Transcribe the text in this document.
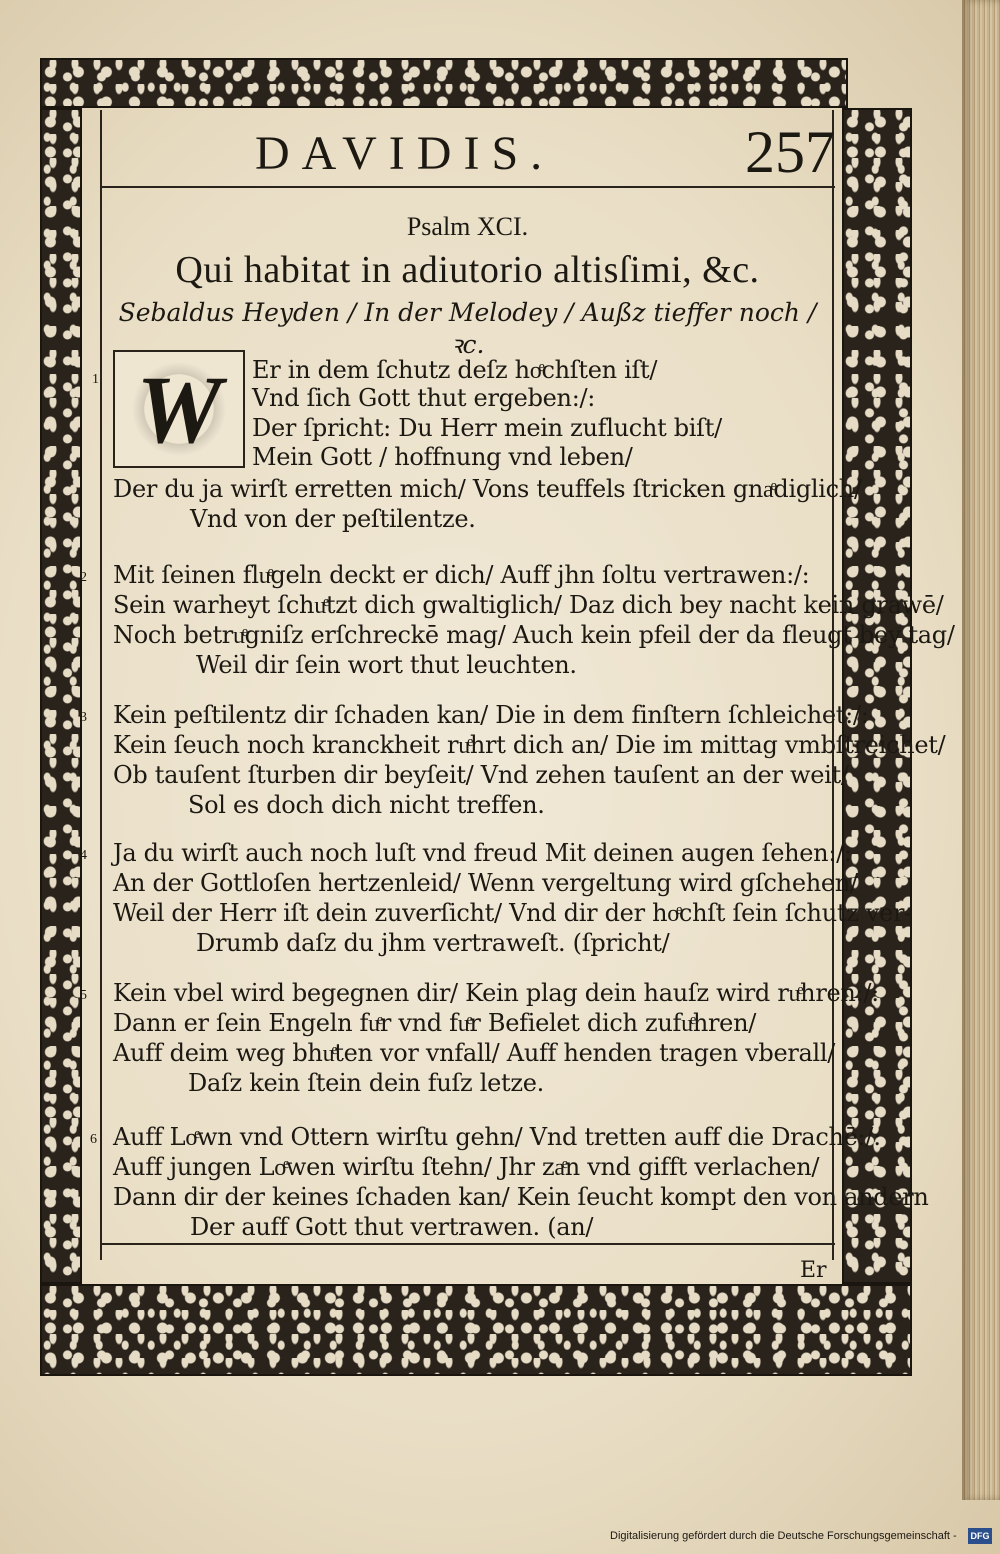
DAVIDIS.	257
Psalm XCI.
Qui habitat in adiutorio altisſimi, &c.
Sebaldus Heyden / In der Melodey / Außz tieffer noch / ꝛc.
W
1	Er in dem ſchutz deſz hoͤchſten iſt/
Vnd ſich Gott thut ergeben:/:
Der ſpricht: Du Herr mein zuflucht biſt/
Mein Gott / hoffnung vnd leben/
Der du ja wirſt erretten mich/ Vons teuffels ſtricken gnaͤdiglich/
Vnd von der peſtilentze.
2 Mit ſeinen fluͤgeln deckt er dich/ Auff jhn ſoltu vertrawen:/:
Sein warheyt ſchuͤtzt dich gwaltiglich/ Daz dich bey nacht kein grawē/
Noch betruͤgniſz erſchreckē mag/ Auch kein pfeil der da fleugt bey tag/
Weil dir ſein wort thut leuchten.
3 Kein peſtilentz dir ſchaden kan/ Die in dem finſtern ſchleichet:/:
Kein ſeuch noch kranckheit ruͤhrt dich an/ Die im mittag vmbſtreichet/
Ob tauſent ſturben dir beyſeit/ Vnd zehen tauſent an der weit/
Sol es doch dich nicht treffen.
4 Ja du wirſt auch noch luſt vnd freud Mit deinen augen ſehen:/:
An der Gottloſen hertzenleid/ Wenn vergeltung wird gſchehen/
Weil der Herr iſt dein zuverſicht/ Vnd dir der hoͤchſt ſein ſchutz ver-
Drumb daſz du jhm vertraweſt. (ſpricht/
5 Kein vbel wird begegnen dir/ Kein plag dein hauſz wird ruͤhren:/:
Dann er ſein Engeln fuͤr vnd fuͤr Befielet dich zufuͤhren/
Auff deim weg bhuͤten vor vnfall/ Auff henden tragen vberall/
Daſz kein ſtein dein fuſz letze.
6 Auff Loͤwn vnd Ottern wirſtu gehn/ Vnd tretten auff die Drachē:/:
Auff jungen Loͤwen wirſtu ſtehn/ Jhr zaͤn vnd gifft verlachen/
Dann dir der keines ſchaden kan/ Kein ſeucht kompt den von andern
Der auff Gott thut vertrawen. (an/
Er
Digitalisierung gefördert durch die Deutsche Forschungsgemeinschaft - DFG
